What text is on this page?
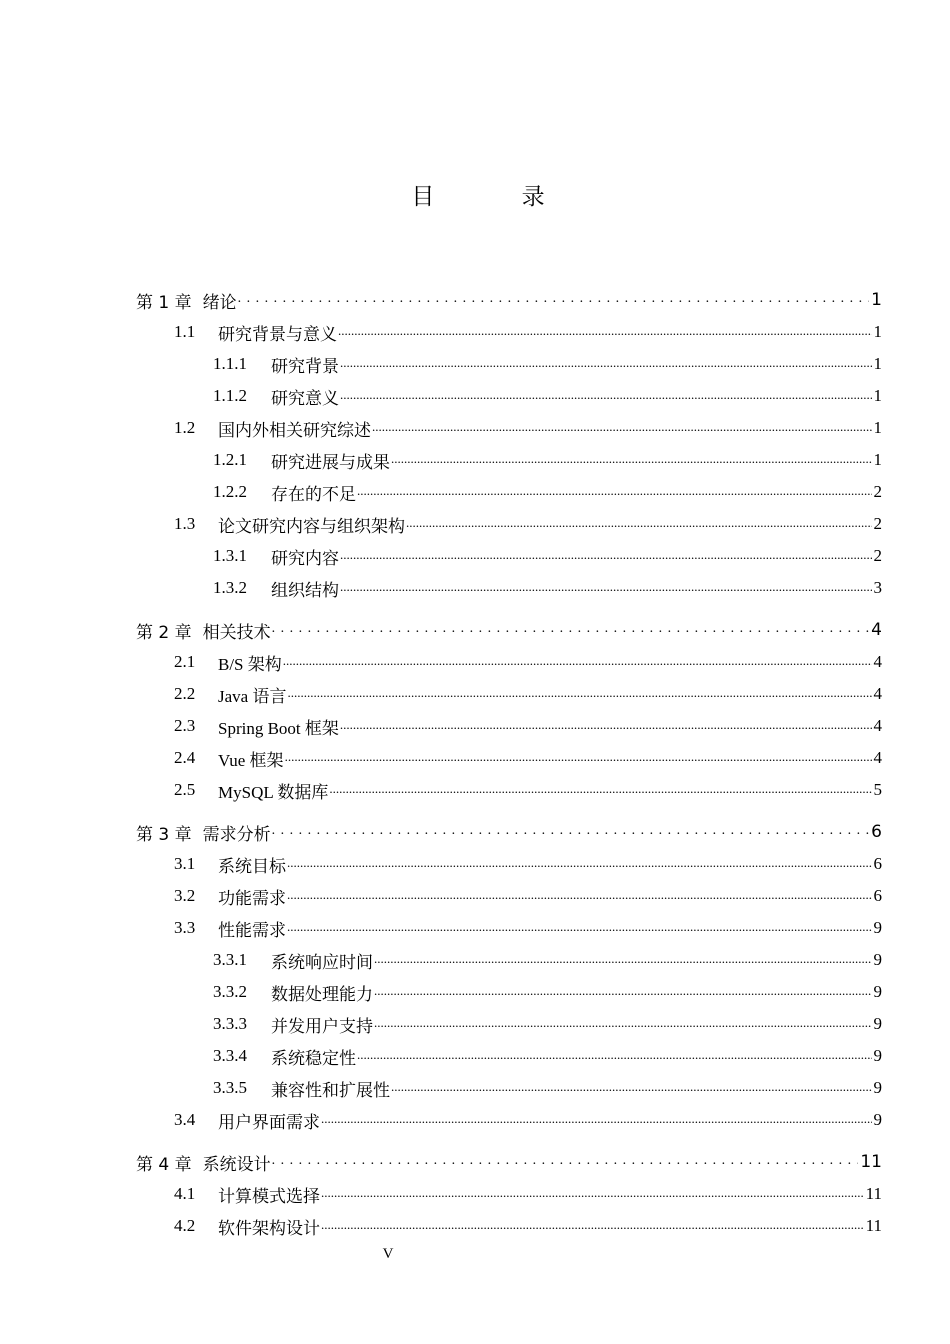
目 录
第 1 章 绪论 . . .	1
1.1	研究背景与意义 .....	1
1.1.1	研究背景 .....	1
1.1.2	研究意义 .....	1
1.2	国内外相关研究综述 .....	1
1.2.1	研究进展与成果 .....	1
1.2.2	存在的不足 .....	2
1.3	论文研究内容与组织架构 .....	2
1.3.1	研究内容 .....	2
1.3.2	组织结构 .....	3
第 2 章 相关技术 . . .	4
2.1	B/S 架构 .....	4
2.2	Java 语言 .....	4
2.3	Spring Boot 框架 .....	4
2.4	Vue 框架 .....	4
2.5	MySQL 数据库 .....	5
第 3 章 需求分析 . . .	6
3.1	系统目标 .....	6
3.2	功能需求 .....	6
3.3	性能需求 .....	9
3.3.1	系统响应时间 .....	9
3.3.2	数据处理能力 .....	9
3.3.3	并发用户支持 .....	9
3.3.4	系统稳定性 .....	9
3.3.5	兼容性和扩展性 .....	9
3.4	用户界面需求 .....	9
第 4 章 系统设计 . . .	11
4.1	计算模式选择 .....	11
4.2	软件架构设计 .....	11
V
